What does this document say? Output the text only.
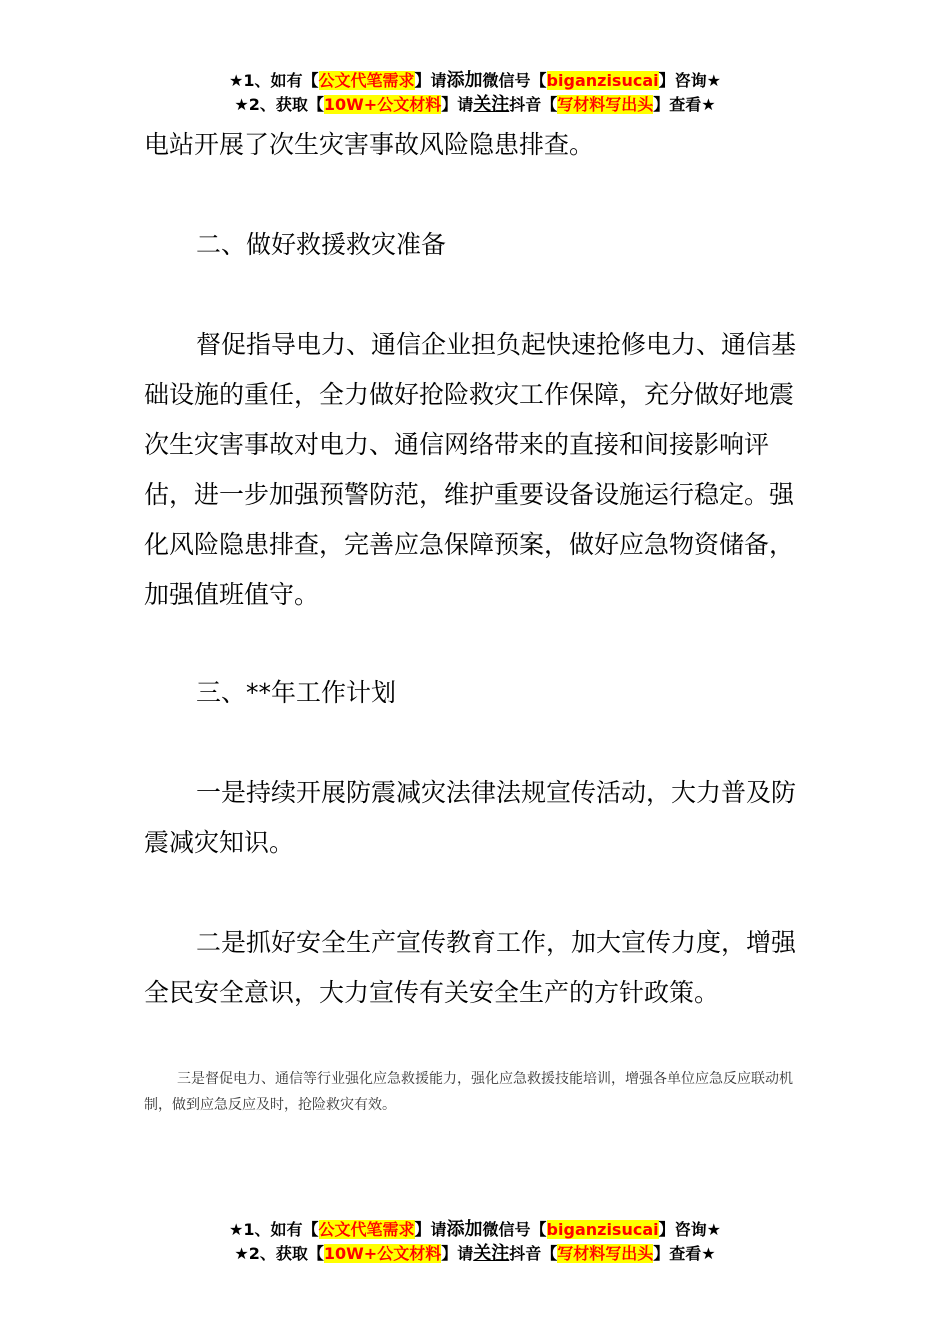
★1、如有【公文代笔需求】请添加微信号【biganzisucai】咨询★
★2、获取【10W+公文材料】请关注抖音【写材料写出头】查看★

电站开展了次生灾害事故风险隐患排查。

二、做好救援救灾准备

督促指导电力、通信企业担负起快速抢修电力、通信基础设施的重任，全力做好抢险救灾工作保障，充分做好地震次生灾害事故对电力、通信网络带来的直接和间接影响评估，进一步加强预警防范，维护重要设备设施运行稳定。强化风险隐患排查，完善应急保障预案，做好应急物资储备，加强值班值守。

三、**年工作计划

一是持续开展防震减灾法律法规宣传活动，大力普及防震减灾知识。

二是抓好安全生产宣传教育工作，加大宣传力度，增强全民安全意识，大力宣传有关安全生产的方针政策。

三是督促电力、通信等行业强化应急救援能力，强化应急救援技能培训，增强各单位应急反应联动机制，做到应急反应及时，抢险救灾有效。

★1、如有【公文代笔需求】请添加微信号【biganzisucai】咨询★
★2、获取【10W+公文材料】请关注抖音【写材料写出头】查看★
